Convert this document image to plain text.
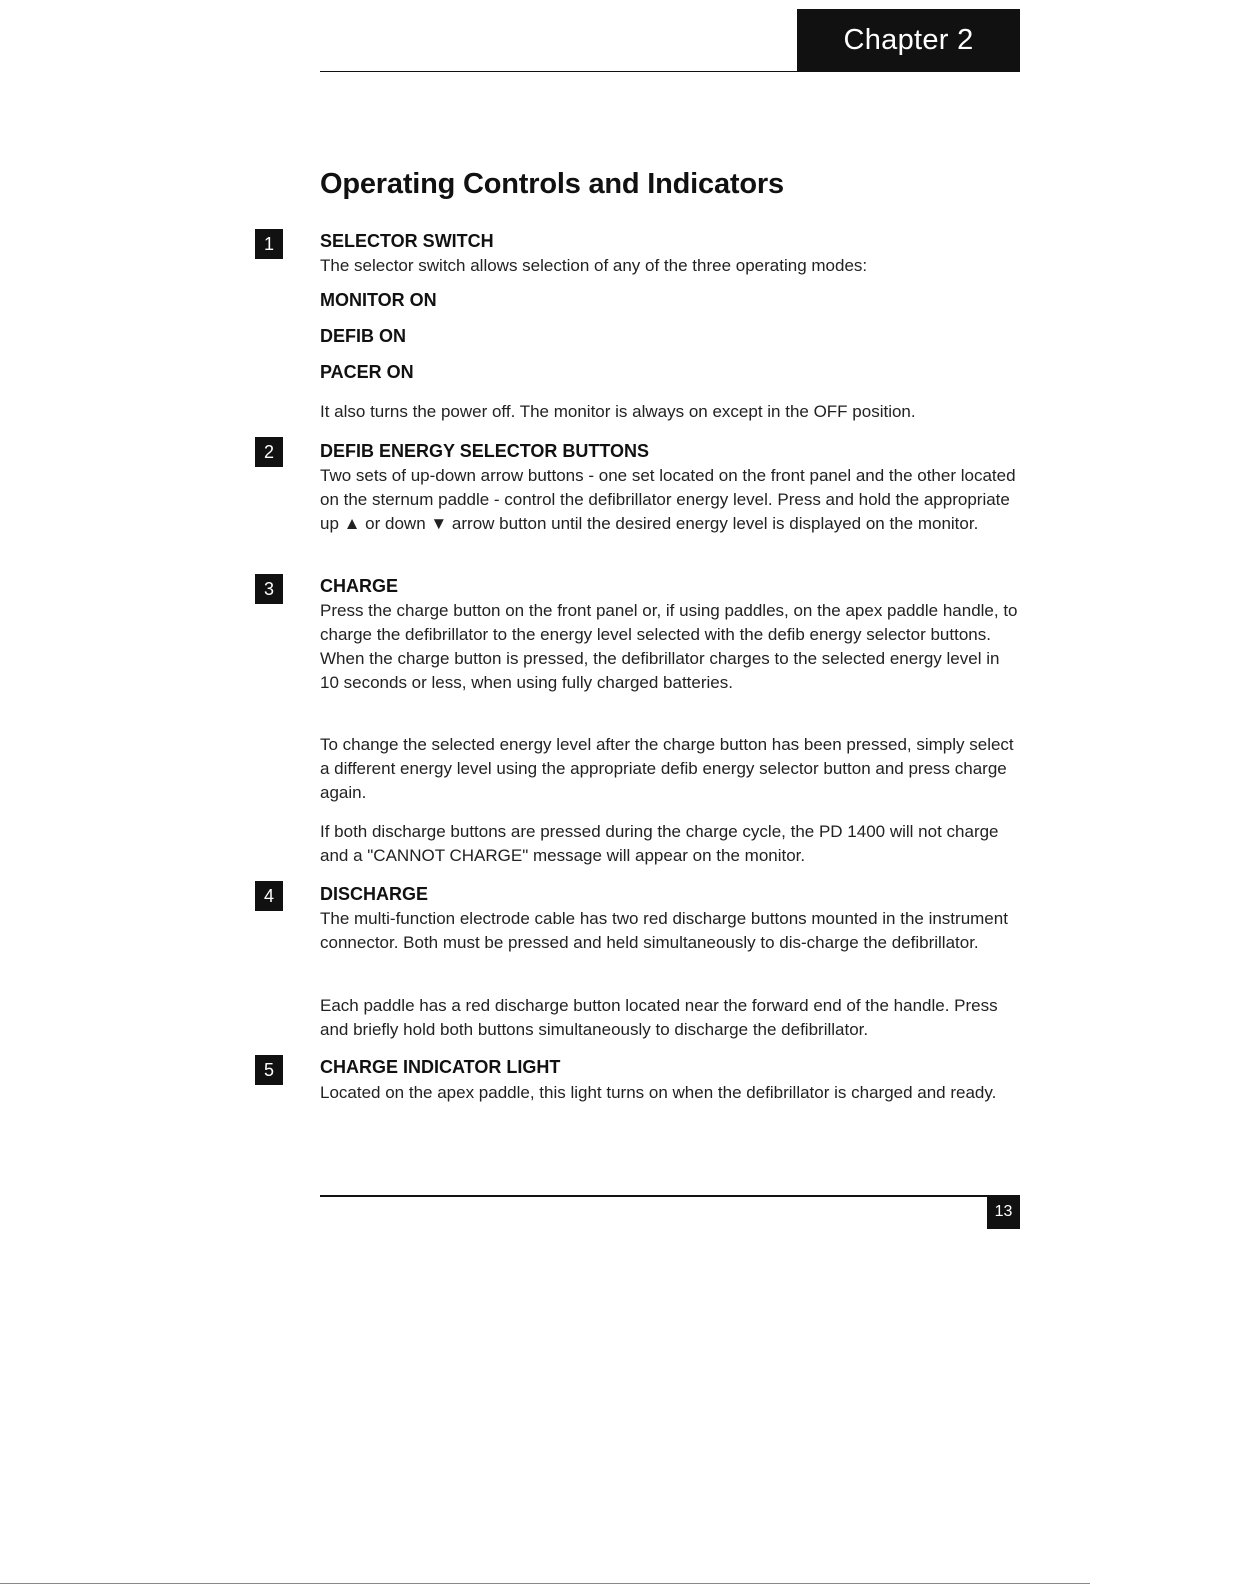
Chapter 2
Operating Controls and Indicators
1	SELECTOR SWITCH

The selector switch allows selection of any of the three operating modes:

MONITOR ON
DEFIB ON
PACER ON

It also turns the power off. The monitor is always on except in the OFF position.

2	DEFIB ENERGY SELECTOR BUTTONS

Two sets of up-down arrow buttons - one set located on the front panel and the other located on the sternum paddle - control the defibrillator energy level. Press and hold the appropriate up ▲ or down ▼ arrow button until the desired energy level is displayed on the monitor.

3	CHARGE

Press the charge button on the front panel or, if using paddles, on the apex paddle handle, to charge the defibrillator to the energy level selected with the defib energy selector buttons. When the charge button is pressed, the defibrillator charges to the selected energy level in 10 seconds or less, when using fully charged batteries.

To change the selected energy level after the charge button has been pressed, simply select a different energy level using the appropriate defib energy selector button and press charge again.

If both discharge buttons are pressed during the charge cycle, the PD 1400 will not charge and a "CANNOT CHARGE" message will appear on the monitor.

4	DISCHARGE

The multi-function electrode cable has two red discharge buttons mounted in the instrument connector. Both must be pressed and held simultaneously to dis-charge the defibrillator.

Each paddle has a red discharge button located near the forward end of the handle. Press and briefly hold both buttons simultaneously to discharge the defibrillator.

5	CHARGE INDICATOR LIGHT

Located on the apex paddle, this light turns on when the defibrillator is charged and ready.

13
